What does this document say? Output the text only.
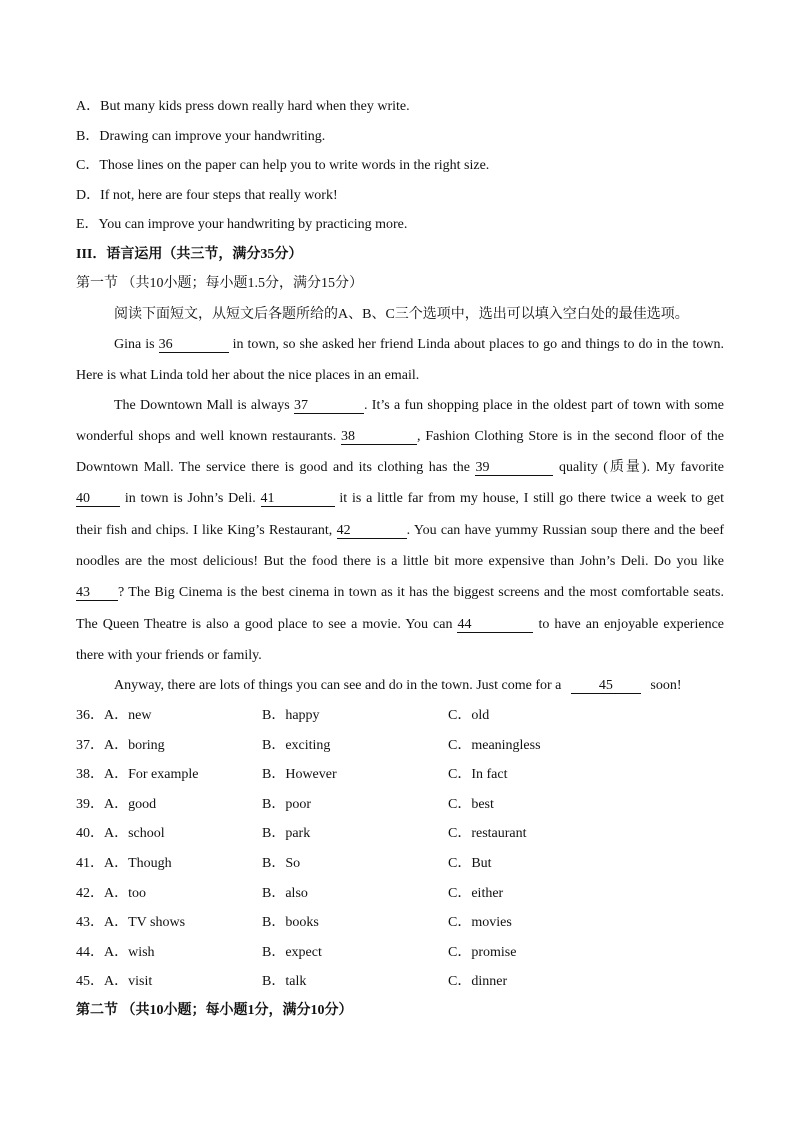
A．But many kids press down really hard when they write.
B．Drawing can improve your handwriting.
C．Those lines on the paper can help you to write words in the right size.
D．If not, here are four steps that really work!
E．You can improve your handwriting by practicing more.
III．语言运用（共三节，满分35分）
第一节 （共10小题；每小题1.5分，满分15分）
阅读下面短文，从短文后各题所给的A、B、C三个选项中，选出可以填入空白处的最佳选项。
Gina is 36	in town, so she asked her friend Linda about places to go and things to do in the town.
Here is what Linda told her about the nice places in an email.
The Downtown Mall is always 37	. It’s a fun shopping place in the oldest part of town with some
wonderful shops and well known restaurants. 38	, Fashion Clothing Store is in the second floor of the
Downtown Mall. The service there is good and its clothing has the 39	quality (质量). My favorite
40 in town is John’s Deli. 41	it is a little far from my house, I still go there twice a week to get
their fish and chips. I like King’s Restaurant, 42	. You can have yummy Russian soup there and the beef
noodles are the most delicious! But the food there is a little bit more expensive than John’s Deli. Do you like
43 ? The Big Cinema is the best cinema in town as it has the biggest screens and the most comfortable seats.
The Queen Theatre is also a good place to see a movie. You can 44	to have an enjoyable experience
there with your friends or family.
Anyway, there are lots of things you can see and do in the town. Just come for a 45 soon!
36． A．new	B．happy	C．old
37． A．boring	B．exciting	C．meaningless
38． A．For example	B．However	C．In fact
39． A．good	B．poor	C．best
40． A．school	B．park	C．restaurant
41． A．Though	B．So	C．But
42． A．too	B．also	C．either
43． A．TV shows	B．books	C．movies
44． A．wish	B．expect	C．promise
45． A．visit	B．talk	C．dinner
第二节 （共10小题；每小题1分，满分10分）
